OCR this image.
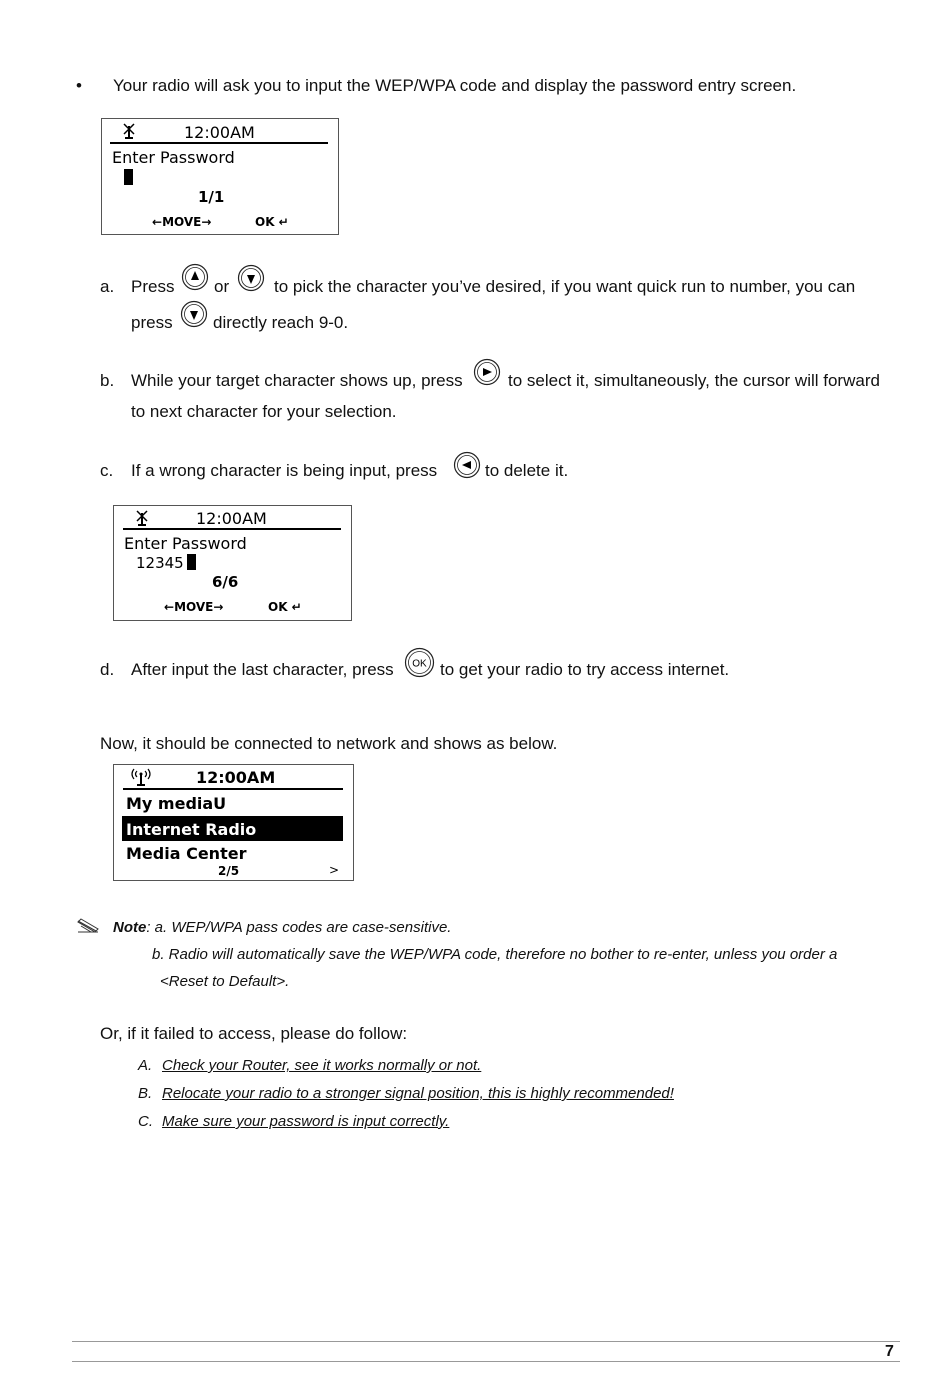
• Your radio will ask you to input the WEP/WPA code and display the password entry screen.
12:00AM
Enter Password
1/1
←MOVE→	OK ↵
a. Press or	to pick the character you’ve desired, if you want quick run to number, you can
press directly reach 9-0.
b. While your target character shows up, press	to select it, simultaneously, the cursor will forward
to next character for your selection.
c. If a wrong character is being input, press	to delete it.
12:00AM
Enter Password
12345
6/6
←MOVE→	OK ↵
d. After input the last character, press OK to get your radio to try access internet.
Now, it should be connected to network and shows as below.
12:00AM
My mediaU
Internet Radio
Media Center
2/5	>
Note: a. WEP/WPA pass codes are case-sensitive.
b. Radio will automatically save the WEP/WPA code, therefore no bother to re-enter, unless you order a
<Reset to Default>.
Or, if it failed to access, please do follow:
A. Check your Router, see it works normally or not.
B. Relocate your radio to a stronger signal position, this is highly recommended!
C. Make sure your password is input correctly.
7
